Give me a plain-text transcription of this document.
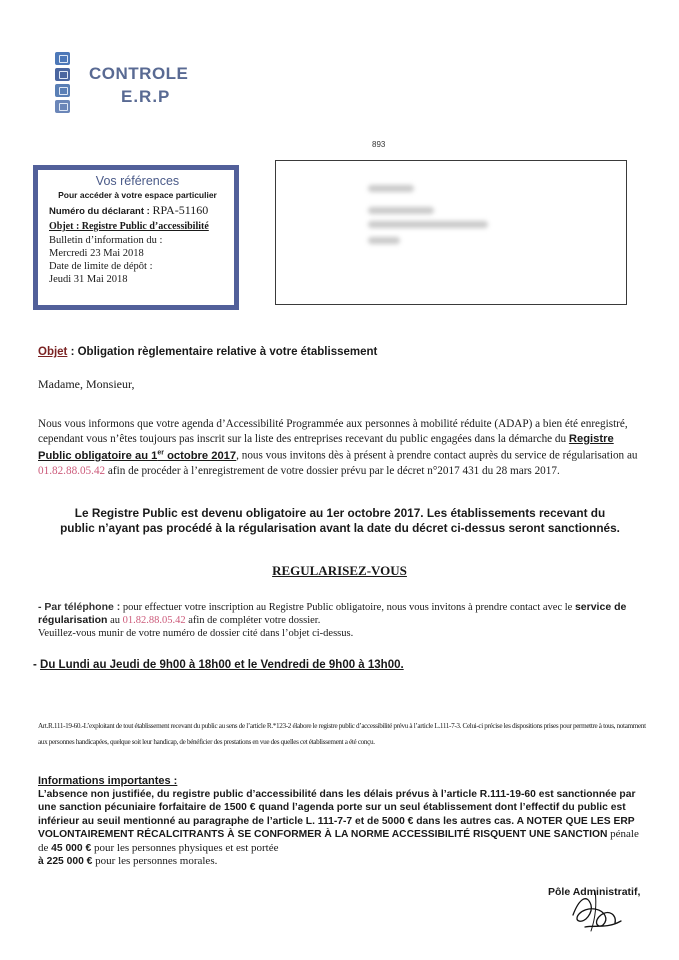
CONTROLE
E.R.P
893
Vos références
Pour accéder à votre espace particulier
Numéro du déclarant : RPA-51160
Objet : Registre Public d’accessibilité
Bulletin d’information du :
Mercredi 23 Mai 2018
Date de limite de dépôt :
Jeudi 31 Mai 2018
Objet : Obligation règlementaire relative à votre établissement
Madame, Monsieur,
Nous vous informons que votre agenda d’Accessibilité Programmée aux personnes à mobilité réduite (ADAP) a bien été enregistré, cependant vous n’êtes toujours pas inscrit sur la liste des entreprises recevant du public engagées dans la démarche du Registre Public obligatoire au 1er octobre 2017, nous vous invitons dès à présent à prendre contact auprès du service de régularisation au 01.82.88.05.42 afin de procéder à l’enregistrement de votre dossier prévu par le décret n°2017 431 du 28 mars 2017.
Le Registre Public est devenu obligatoire au 1er octobre 2017. Les établissements recevant du public n’ayant pas procédé à la régularisation avant la date du décret ci-dessus seront sanctionnés.
REGULARISEZ-VOUS
- Par téléphone : pour effectuer votre inscription au Registre Public obligatoire, nous vous invitons à prendre contact avec le service de régularisation au 01.82.88.05.42 afin de compléter votre dossier.
Veuillez-vous munir de votre numéro de dossier cité dans l’objet ci-dessus.
- Du Lundi au Jeudi de 9h00 à 18h00 et le Vendredi de 9h00 à 13h00.
Art.R.111-19-60.-L’exploitant de tout établissement recevant du public au sens de l’article R.*123-2 élabore le registre public d’accessibilité prévu à l’article L.111-7-3. Celui-ci précise les dispositions prises pour permettre à tous, notamment aux personnes handicapées, quelque soit leur handicap, de bénéficier des prestations en vue des quelles cet établissement a été conçu.
Informations importantes :
L’absence non justifiée, du registre public d’accessibilité dans les délais prévus à l’article R.111-19-60 est sanctionnée par une sanction pécuniaire forfaitaire de 1500 € quand l’agenda porte sur un seul établissement dont l’effectif du public est inférieur au seuil mentionné au paragraphe de l’article L. 111-7-7 et de 5000 € dans les autres cas. A NOTER QUE LES ERP VOLONTAIREMENT RÉCALCITRANTS À SE CONFORMER À LA NORME ACCESSIBILITÉ RISQUENT UNE SANCTION pénale de 45 000 € pour les personnes physiques et est portée
à 225 000 € pour les personnes morales.
Pôle Administratif,
